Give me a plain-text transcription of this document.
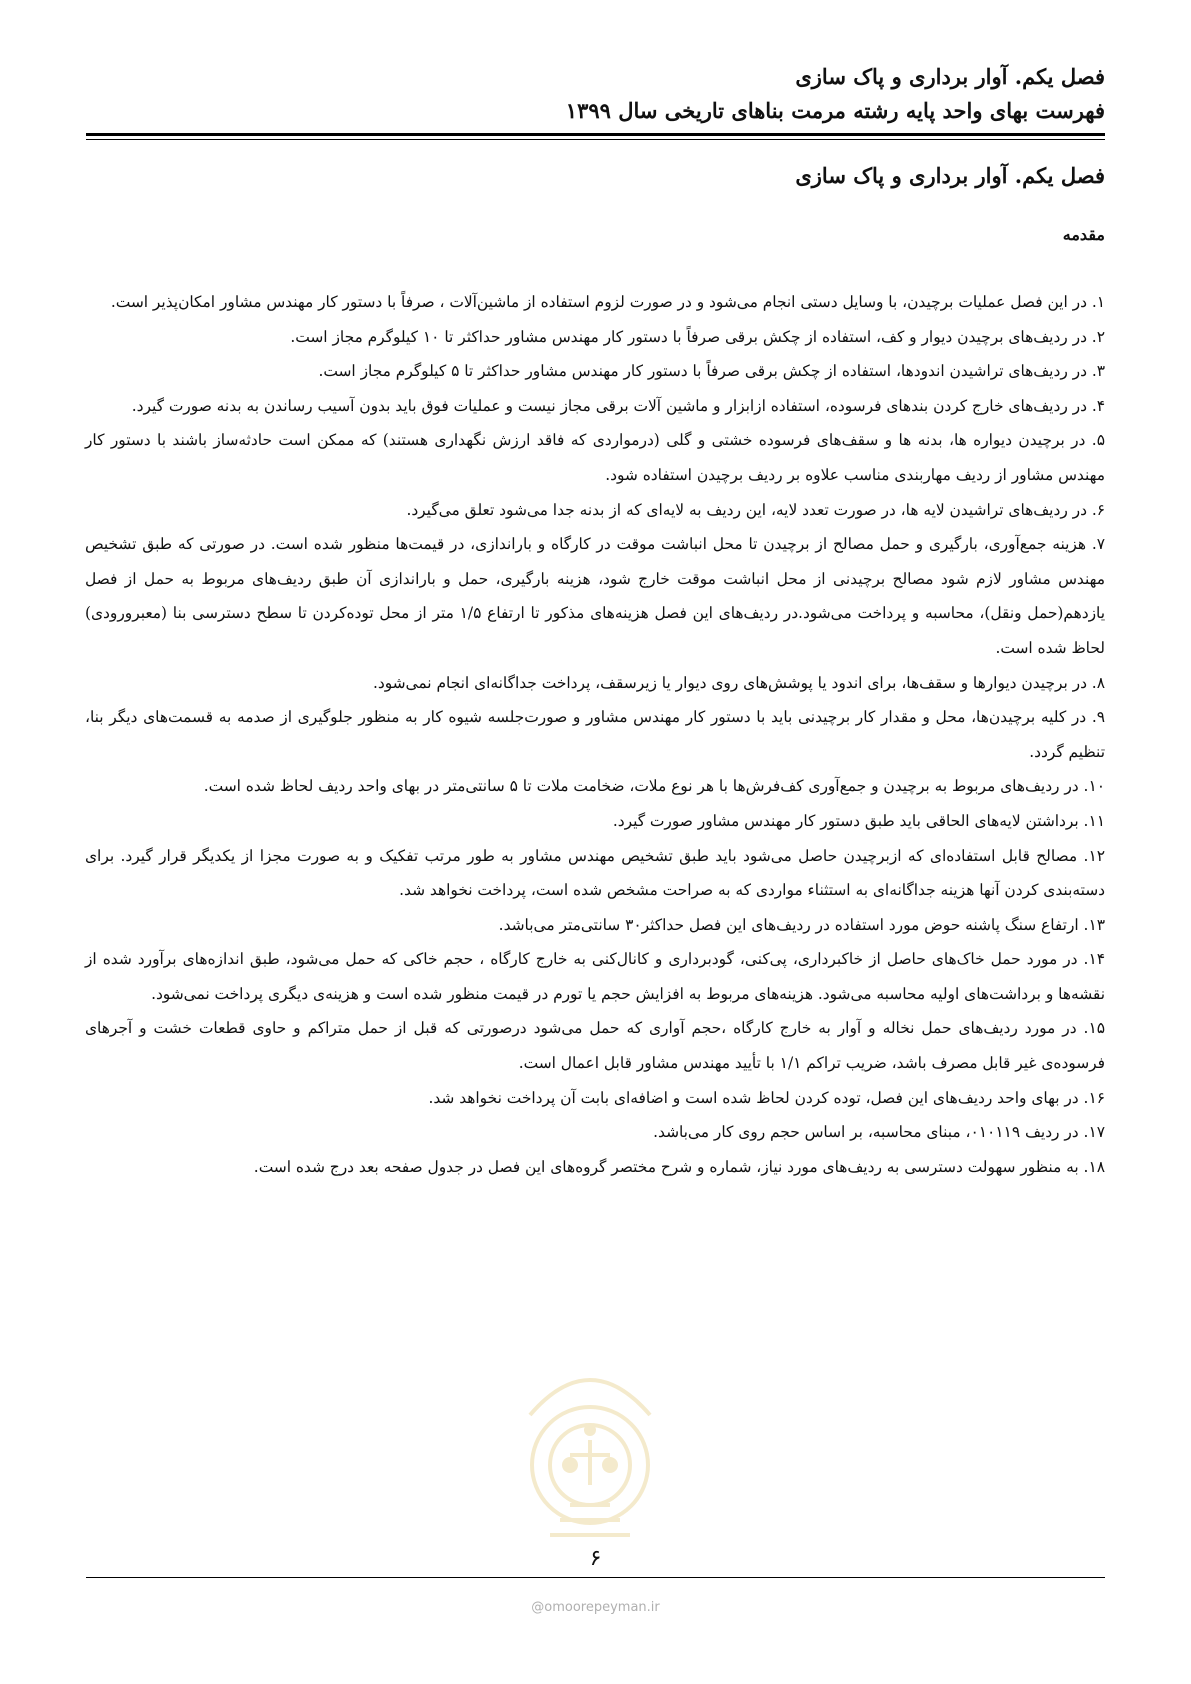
فصل یکم. آوار برداری و پاک سازی
فهرست بهای واحد پایه رشته مرمت بناهای تاریخی سال ۱۳۹۹
فصل یکم. آوار برداری و پاک سازی
مقدمه

۱. در این فصل عملیات برچیدن، با وسایل دستی انجام می‌شود و در صورت لزوم استفاده از ماشین‌آلات ، صرفاً با دستور کار مهندس مشاور امکان‌پذیر است.

۲. در ردیف‌های برچیدن دیوار و کف، استفاده از چکش برقی صرفاً با دستور کار مهندس مشاور حداکثر تا ۱۰ کیلوگرم مجاز است.

۳. در ردیف‌های تراشیدن اندودها، استفاده از چکش برقی صرفاً با دستور کار مهندس مشاور حداکثر تا ۵ کیلوگرم مجاز است.

۴. در ردیف‌های خارج کردن بندهای فرسوده، استفاده ازابزار و ماشین آلات برقی مجاز نیست و عملیات فوق باید بدون آسیب رساندن به بدنه صورت گیرد.

۵. در برچیدن دیواره ها، بدنه ها و سقف‌های فرسوده خشتی و گلی (درمواردی که فاقد ارزش نگهداری هستند) که ممکن است حادثه‌ساز باشند با دستور کار مهندس مشاور از ردیف مهاربندی مناسب علاوه بر ردیف برچیدن استفاده شود.

۶. در ردیف‌های تراشیدن لایه ها، در صورت تعدد لایه، این ردیف به لایه‌ای که از بدنه جدا می‌شود تعلق می‌گیرد.

۷. هزینه جمع‌آوری، بارگیری و حمل مصالح از برچیدن تا محل انباشت موقت در کارگاه و باراندازی، در قیمت‌ها منظور شده است. در صورتی که طبق تشخیص مهندس مشاور لازم شود مصالح برچیدنی از محل انباشت موقت خارج شود، هزینه بارگیری، حمل و باراندازی آن طبق ردیف‌های مربوط به حمل از فصل یازدهم(حمل ونقل)، محاسبه و پرداخت می‌شود.در ردیف‌های این فصل هزینه‌های مذکور تا ارتفاع ۱/۵ متر از محل توده‌کردن تا سطح دسترسی بنا (معبرورودی) لحاظ شده است.

۸. در برچیدن دیوارها و سقف‌ها، برای اندود یا پوشش‌های روی دیوار یا زیرسقف، پرداخت جداگانه‌ای انجام نمی‌شود.

۹. در کلیه برچیدن‌ها، محل و مقدار کار برچیدنی باید با دستور کار مهندس مشاور و صورت‌جلسه شیوه کار به منظور جلوگیری از صدمه به قسمت‌های دیگر بنا، تنظیم گردد.

۱۰. در ردیف‌های مربوط به برچیدن و جمع‌آوری کف‌فرش‌ها با هر نوع ملات، ضخامت ملات تا ۵ سانتی‌متر در بهای واحد ردیف لحاظ شده است.

۱۱. برداشتن لایه‌های الحاقی باید طبق دستور کار مهندس مشاور صورت گیرد.

۱۲. مصالح قابل استفاده‌ای که ازبرچیدن حاصل می‌شود باید طبق تشخیص مهندس مشاور به طور مرتب تفکیک و به صورت مجزا از یکدیگر قرار گیرد. برای دسته‌بندی کردن آنها هزینه جداگانه‌ای به استثناء مواردی که به صراحت مشخص شده است، پرداخت نخواهد شد.

۱۳. ارتفاع سنگ پاشنه حوض مورد استفاده در ردیف‌های این فصل حداکثر۳۰ سانتی‌متر می‌باشد.

۱۴. در مورد حمل خاک‌های حاصل از خاکبرداری، پی‌کنی، گودبرداری و کانال‌کنی به خارج کارگاه ، حجم خاکی که حمل می‌شود، طبق اندازه‌های برآورد شده از نقشه‌ها و برداشت‌های اولیه محاسبه می‌شود. هزینه‌های مربوط به افزایش حجم یا تورم در قیمت منظور شده است و هزینه‌ی دیگری پرداخت نمی‌شود.

۱۵. در مورد ردیف‌های حمل نخاله و آوار به خارج کارگاه ،حجم آواری که حمل می‌شود درصورتی که قبل از حمل متراکم و حاوی قطعات خشت و آجرهای فرسوده‌ی غیر قابل مصرف باشد، ضریب تراکم ۱/۱ با تأیید مهندس مشاور قابل اعمال است.

۱۶. در بهای واحد ردیف‌های این فصل، توده کردن لحاظ شده است و اضافه‌ای بابت آن پرداخت نخواهد شد.

۱۷. در ردیف ۰۱۰۱۱۹، مبنای محاسبه، بر اساس حجم روی کار می‌باشد.

۱۸. به منظور سهولت دسترسی به ردیف‌های مورد نیاز، شماره و شرح مختصر گروه‌های این فصل در جدول صفحه بعد درج شده است.

۶
@omoorepeyman.ir
